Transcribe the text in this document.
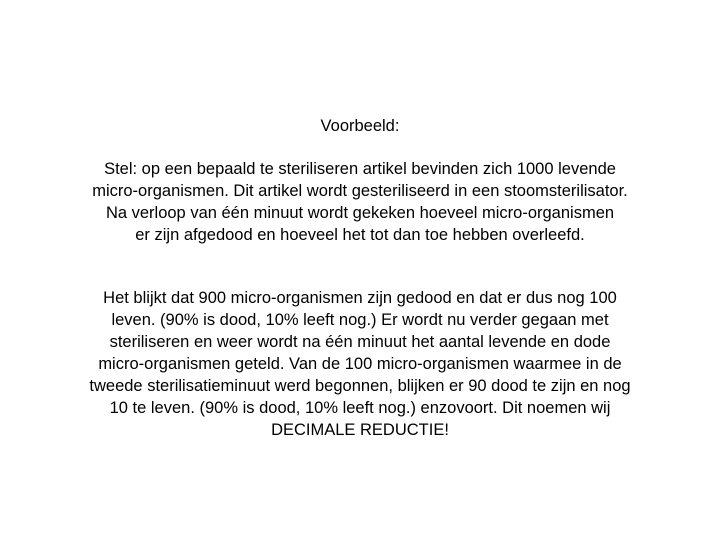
Voorbeeld:
Stel: op een bepaald te steriliseren artikel bevinden zich 1000 levende
micro‐organismen. Dit artikel wordt gesteriliseerd in een stoomsterilisator.
Na verloop van één minuut wordt gekeken hoeveel micro‐organismen
er zijn afgedood en hoeveel het tot dan toe hebben overleefd.
Het blijkt dat 900 micro‐organismen zijn gedood en dat er dus nog 100
leven. (90% is dood, 10% leeft nog.) Er wordt nu verder gegaan met
steriliseren en weer wordt na één minuut het aantal levende en dode
micro‐organismen geteld. Van de 100 micro‐organismen waarmee in de
tweede sterilisatieminuut werd begonnen, blijken er 90 dood te zijn en nog
10 te leven. (90% is dood, 10% leeft nog.) enzovoort. Dit noemen wij
DECIMALE REDUCTIE!
